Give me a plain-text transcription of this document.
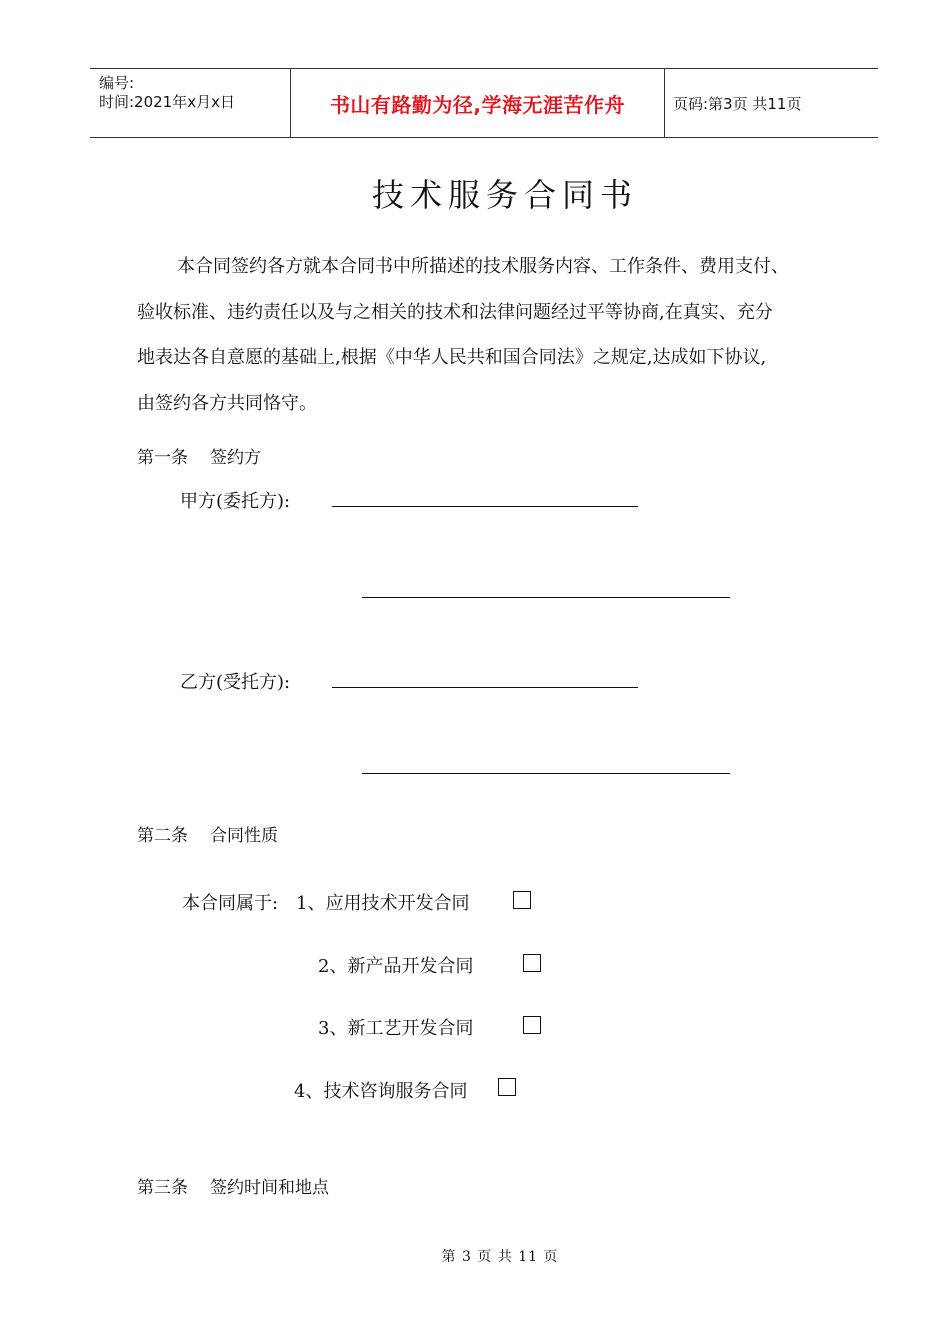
编号:
时间:2021年x月x日	书山有路勤为径,学海无涯苦作舟	页码:第3页 共11页
技术服务合同书
本合同签约各方就本合同书中所描述的技术服务内容、工作条件、费用支付、
验收标准、违约责任以及与之相关的技术和法律问题经过平等协商,在真实、充分
地表达各自意愿的基础上,根据《中华人民共和国合同法》之规定,达成如下协议,
由签约各方共同恪守。
第一条 签约方
甲方(委托方):
乙方(受托方):
第二条 合同性质
本合同属于: 1、应用技术开发合同
2、新产品开发合同
3、新工艺开发合同
4、技术咨询服务合同
第三条 签约时间和地点
第 3 页 共 11 页
